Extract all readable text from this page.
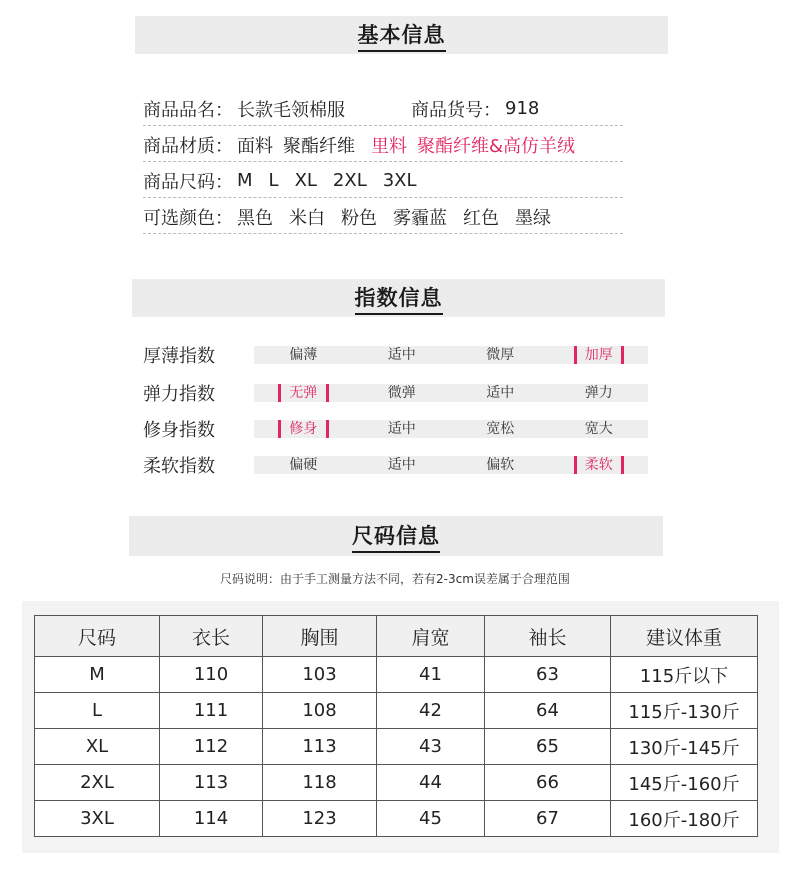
基本信息
商品品名： 长款毛领棉服	商品货号： 918
商品材质： 面料 聚酯纤维 里料 聚酯纤维&高仿羊绒
商品尺码： M L XL 2XL 3XL
可选颜色： 黑色 米白 粉色 雾霾蓝 红色 墨绿
指数信息
厚薄指数	偏薄	适中	微厚	加厚
弹力指数	无弹	微弹	适中	弹力
修身指数	修身	适中	宽松	宽大
柔软指数	偏硬	适中	偏软	柔软
尺码信息
尺码说明：由于手工测量方法不同，若有2-3cm误差属于合理范围
尺码	衣长	胸围	肩宽	袖长	建议体重
M	110	103	41	63	115斤以下
L	111	108	42	64	115斤-130斤
XL	112	113	43	65	130斤-145斤
2XL	113	118	44	66	145斤-160斤
3XL	114	123	45	67	160斤-180斤
